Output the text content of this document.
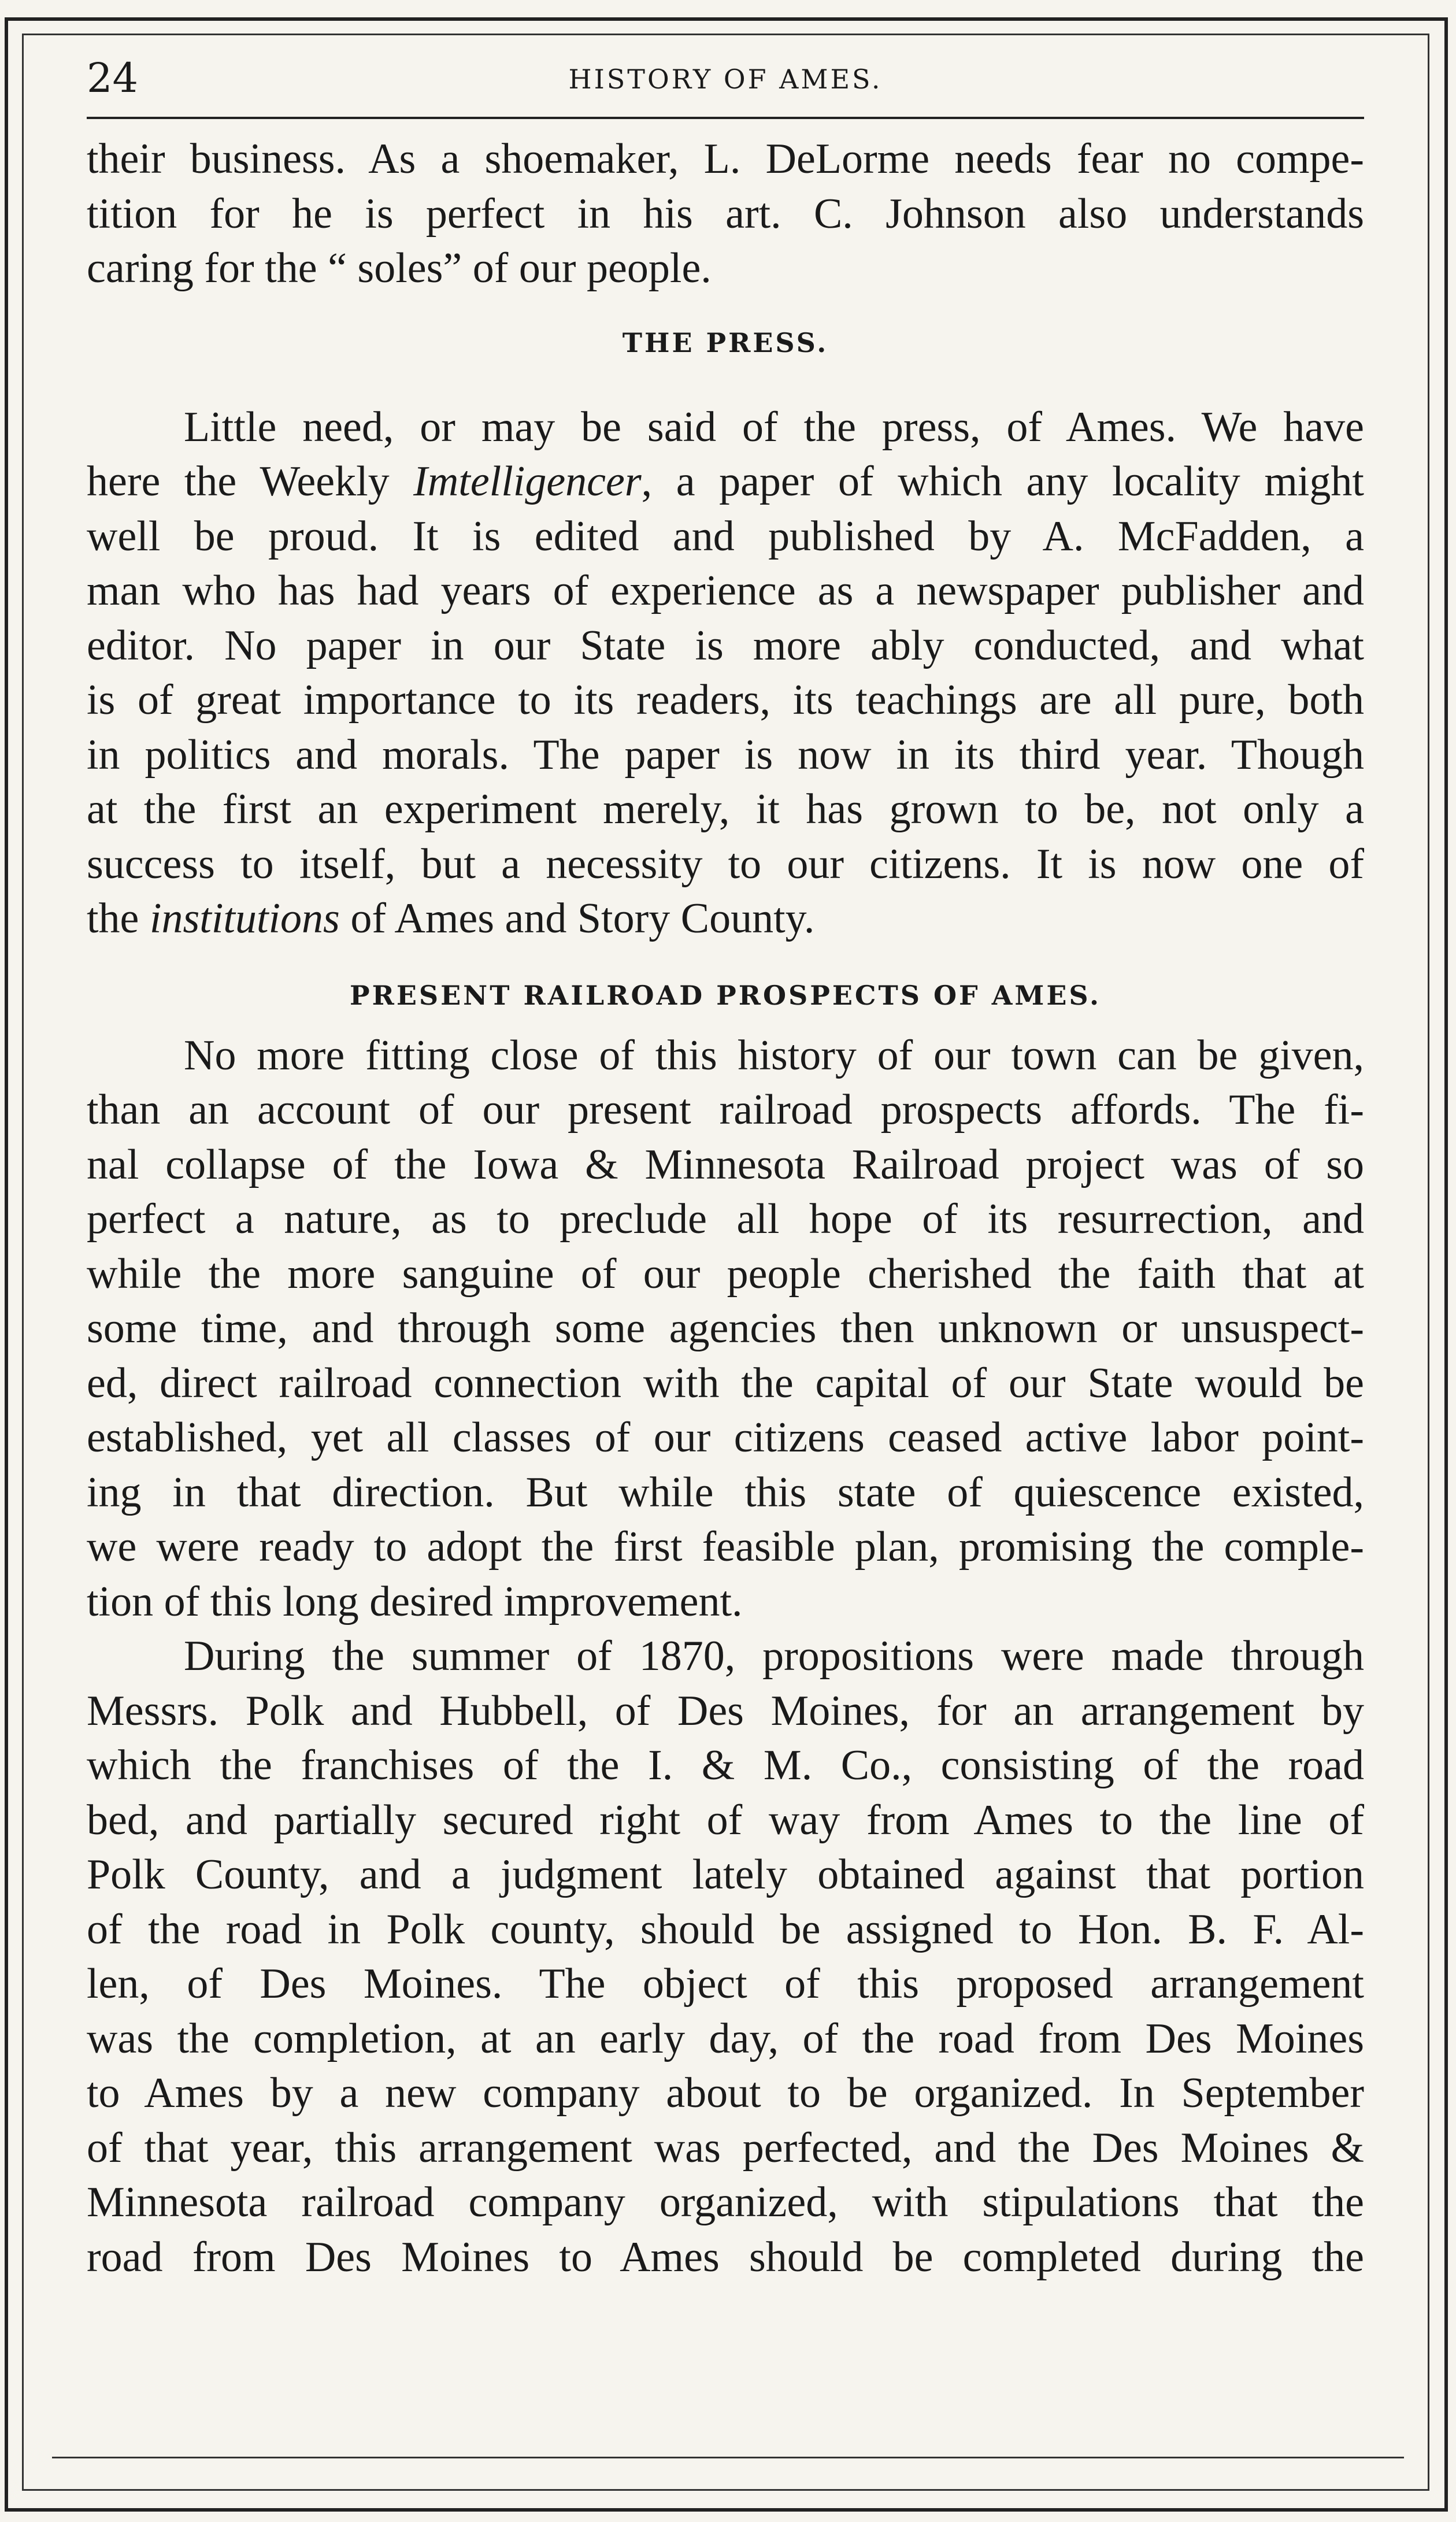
24	HISTORY OF AMES.
their business. As a shoemaker, L. DeLorme needs fear no compe-
tition for he is perfect in his art. C. Johnson also understands
caring for the “ soles” of our people.
THE PRESS.
Little need, or may be said of the press, of Ames. We have
here the Weekly Imtelligencer, a paper of which any locality might
well be proud. It is edited and published by A. McFadden, a
man who has had years of experience as a newspaper publisher and
editor. No paper in our State is more ably conducted, and what
is of great importance to its readers, its teachings are all pure, both
in politics and morals. The paper is now in its third year. Though
at the first an experiment merely, it has grown to be, not only a
success to itself, but a necessity to our citizens. It is now one of
the institutions of Ames and Story County.
PRESENT RAILROAD PROSPECTS OF AMES.
No more fitting close of this history of our town can be given,
than an account of our present railroad prospects affords. The fi-
nal collapse of the Iowa & Minnesota Railroad project was of so
perfect a nature, as to preclude all hope of its resurrection, and
while the more sanguine of our people cherished the faith that at
some time, and through some agencies then unknown or unsuspect-
ed, direct railroad connection with the capital of our State would be
established, yet all classes of our citizens ceased active labor point-
ing in that direction. But while this state of quiescence existed,
we were ready to adopt the first feasible plan, promising the comple-
tion of this long desired improvement.
During the summer of 1870, propositions were made through
Messrs. Polk and Hubbell, of Des Moines, for an arrangement by
which the franchises of the I. & M. Co., consisting of the road
bed, and partially secured right of way from Ames to the line of
Polk County, and a judgment lately obtained against that portion
of the road in Polk county, should be assigned to Hon. B. F. Al-
len, of Des Moines. The object of this proposed arrangement
was the completion, at an early day, of the road from Des Moines
to Ames by a new company about to be organized. In September
of that year, this arrangement was perfected, and the Des Moines &
Minnesota railroad company organized, with stipulations that the
road from Des Moines to Ames should be completed during the
